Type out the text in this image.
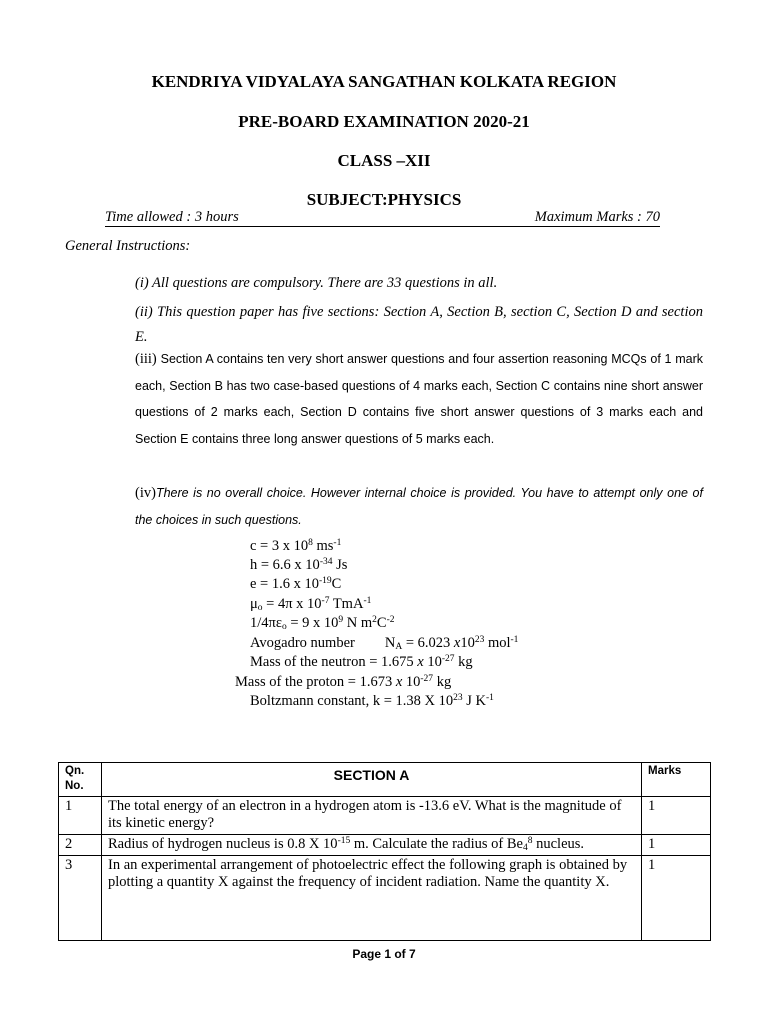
KENDRIYA VIDYALAYA SANGATHAN KOLKATA REGION
PRE-BOARD EXAMINATION 2020-21
CLASS –XII
SUBJECT:PHYSICS
Time allowed : 3 hours	Maximum Marks : 70
General Instructions:
(i) All questions are compulsory. There are 33 questions in all.
(ii) This question paper has five sections: Section A, Section B, section C, Section D and section E.
(iii) Section A contains ten very short answer questions and four assertion reasoning MCQs of 1 mark each, Section B has two case-based questions of 4 marks each, Section C contains nine short answer questions of 2 marks each, Section D contains five short answer questions of 3 marks each and Section E contains three long answer questions of 5 marks each.
(iv)There is no overall choice. However internal choice is provided. You have to attempt only one of the choices in such questions.
c = 3 x $10^8$ $ms^{-1}$
h = 6.6 x $10^{-34}$ Js
e = 1.6 x $10^{-19}C$
$\mu_o = 4\pi$ x $10^{-7}$ TmA$^{-1}$
$1/4\pi\varepsilon_o = 9$ x $10^9$ N $m^2C^{-2}$
Avogadro number $N_A = 6.023$ $x10^{23}$ mol$^{-1}$
Mass of the neutron = 1.675 x $10^{-27}$ kg
Mass of the proton = 1.673 x $10^{-27}$ kg
Boltzmann constant, k = 1.38 X $10^{23}$ J $K^{-1}$
Qn. No.	SECTION A	Marks
1	The total energy of an electron in a hydrogen atom is -13.6 eV. What is the magnitude of its kinetic energy?	1
2	Radius of hydrogen nucleus is 0.8 X $10^{-15}$ m. Calculate the radius of $Be_4^8$ nucleus.	1
3	In an experimental arrangement of photoelectric effect the following graph is obtained by plotting a quantity X against the frequency of incident radiation. Name the quantity X.	1
Page 1 of 7
